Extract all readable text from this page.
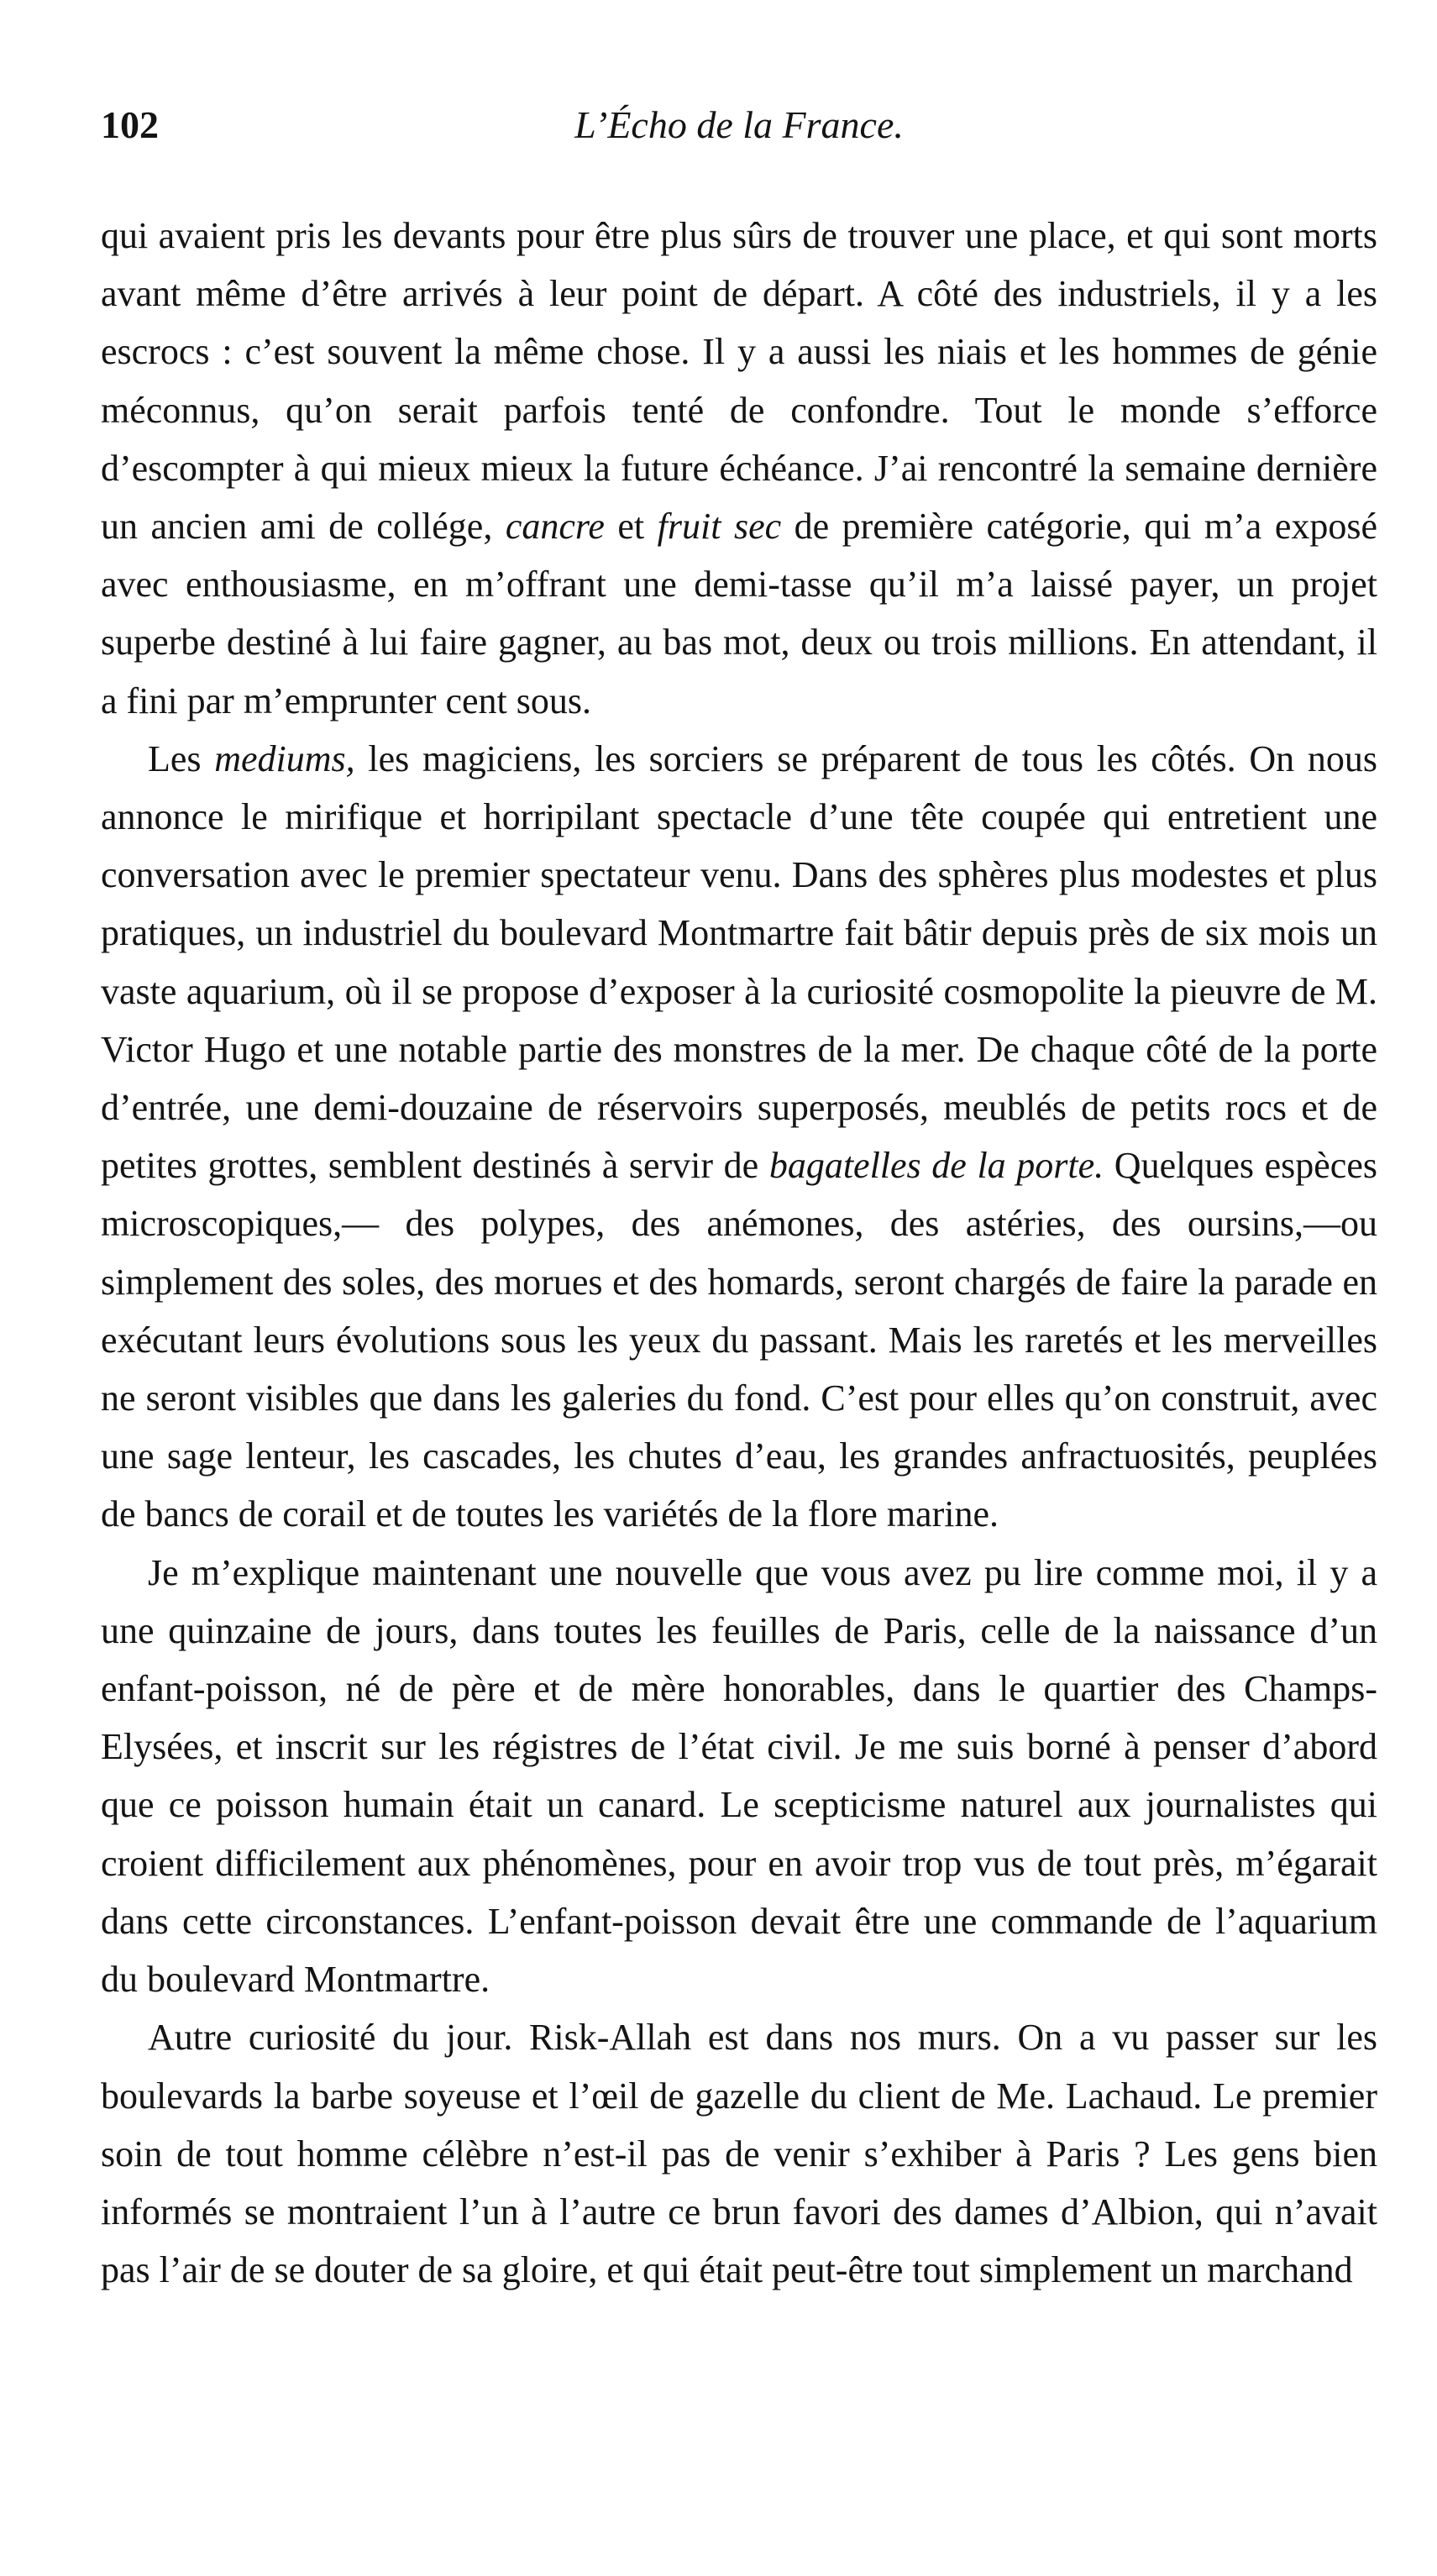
102	L’Écho de la France.

qui avaient pris les devants pour être plus sûrs de trouver une place, et qui sont morts avant même d’être arrivés à leur point de départ. A côté des industriels, il y a les escrocs : c’est souvent la même chose. Il y a aussi les niais et les hommes de génie méconnus, qu’on serait parfois tenté de confondre. Tout le monde s’efforce d’escompter à qui mieux mieux la future échéance. J’ai rencontré la semaine dernière un ancien ami de collége, cancre et fruit sec de première catégorie, qui m’a exposé avec enthousiasme, en m’offrant une demi-tasse qu’il m’a laissé payer, un projet superbe destiné à lui faire gagner, au bas mot, deux ou trois millions. En attendant, il a fini par m’emprunter cent sous.

Les mediums, les magiciens, les sorciers se préparent de tous les côtés. On nous annonce le mirifique et horripilant spectacle d’une tête coupée qui entretient une conversation avec le premier spectateur venu. Dans des sphères plus modestes et plus pratiques, un industriel du boulevard Montmartre fait bâtir depuis près de six mois un vaste aquarium, où il se propose d’exposer à la curiosité cosmopolite la pieuvre de M. Victor Hugo et une notable partie des monstres de la mer. De chaque côté de la porte d’entrée, une demi-douzaine de réservoirs superposés, meublés de petits rocs et de petites grottes, semblent destinés à servir de bagatelles de la porte. Quelques espèces microscopiques,— des polypes, des anémones, des astéries, des oursins,—ou simplement des soles, des morues et des homards, seront chargés de faire la parade en exécutant leurs évolutions sous les yeux du passant. Mais les raretés et les merveilles ne seront visibles que dans les galeries du fond. C’est pour elles qu’on construit, avec une sage lenteur, les cascades, les chutes d’eau, les grandes anfractuosités, peuplées de bancs de corail et de toutes les variétés de la flore marine.

Je m’explique maintenant une nouvelle que vous avez pu lire comme moi, il y a une quinzaine de jours, dans toutes les feuilles de Paris, celle de la naissance d’un enfant-poisson, né de père et de mère honorables, dans le quartier des Champs-Elysées, et inscrit sur les régistres de l’état civil. Je me suis borné à penser d’abord que ce poisson humain était un canard. Le scepticisme naturel aux journalistes qui croient difficilement aux phénomènes, pour en avoir trop vus de tout près, m’égarait dans cette circonstances. L’enfant-poisson devait être une commande de l’aquarium du boulevard Montmartre.

Autre curiosité du jour. Risk-Allah est dans nos murs. On a vu passer sur les boulevards la barbe soyeuse et l’œil de gazelle du client de Me. Lachaud. Le premier soin de tout homme célèbre n’est-il pas de venir s’exhiber à Paris ? Les gens bien informés se montraient l’un à l’autre ce brun favori des dames d’Albion, qui n’avait pas l’air de se douter de sa gloire, et qui était peut-être tout simplement un marchand
